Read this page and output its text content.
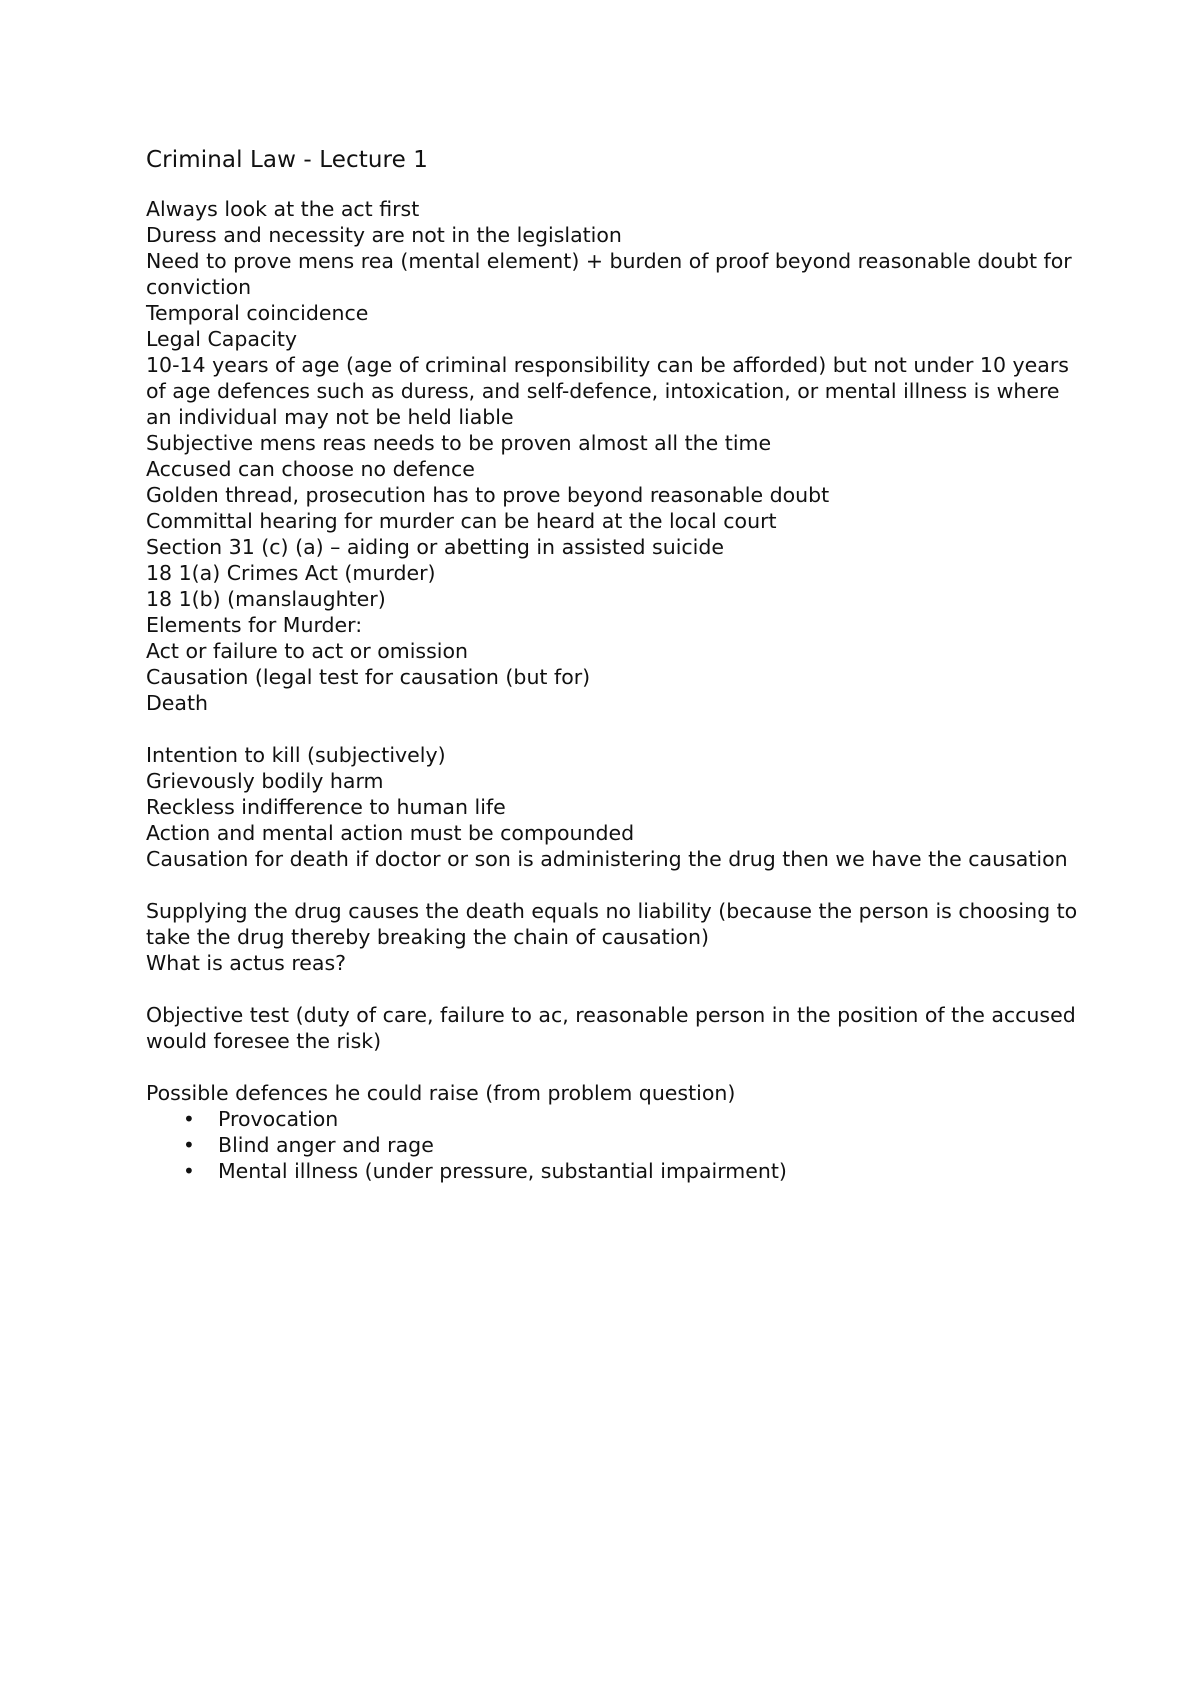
Criminal Law - Lecture 1

Always look at the act first

Duress and necessity are not in the legislation

Need to prove mens rea (mental element) + burden of proof beyond reasonable doubt for conviction

Temporal coincidence

Legal Capacity

10-14 years of age (age of criminal responsibility can be afforded) but not under 10 years of age defences such as duress, and self-defence, intoxication, or mental illness is where an individual may not be held liable

Subjective mens reas needs to be proven almost all the time

Accused can choose no defence

Golden thread, prosecution has to prove beyond reasonable doubt

Committal hearing for murder can be heard at the local court

Section 31 (c) (a) – aiding or abetting in assisted suicide

18 1(a) Crimes Act (murder)

18 1(b) (manslaughter)

Elements for Murder:

Act or failure to act or omission

Causation (legal test for causation (but for)

Death

Intention to kill (subjectively)

Grievously bodily harm

Reckless indifference to human life

Action and mental action must be compounded

Causation for death if doctor or son is administering the drug then we have the causation

Supplying the drug causes the death equals no liability (because the person is choosing to take the drug thereby breaking the chain of causation)

What is actus reas?

Objective test (duty of care, failure to ac, reasonable person in the position of the accused would foresee the risk)

Possible defences he could raise (from problem question)

• Provocation
• Blind anger and rage
• Mental illness (under pressure, substantial impairment)
